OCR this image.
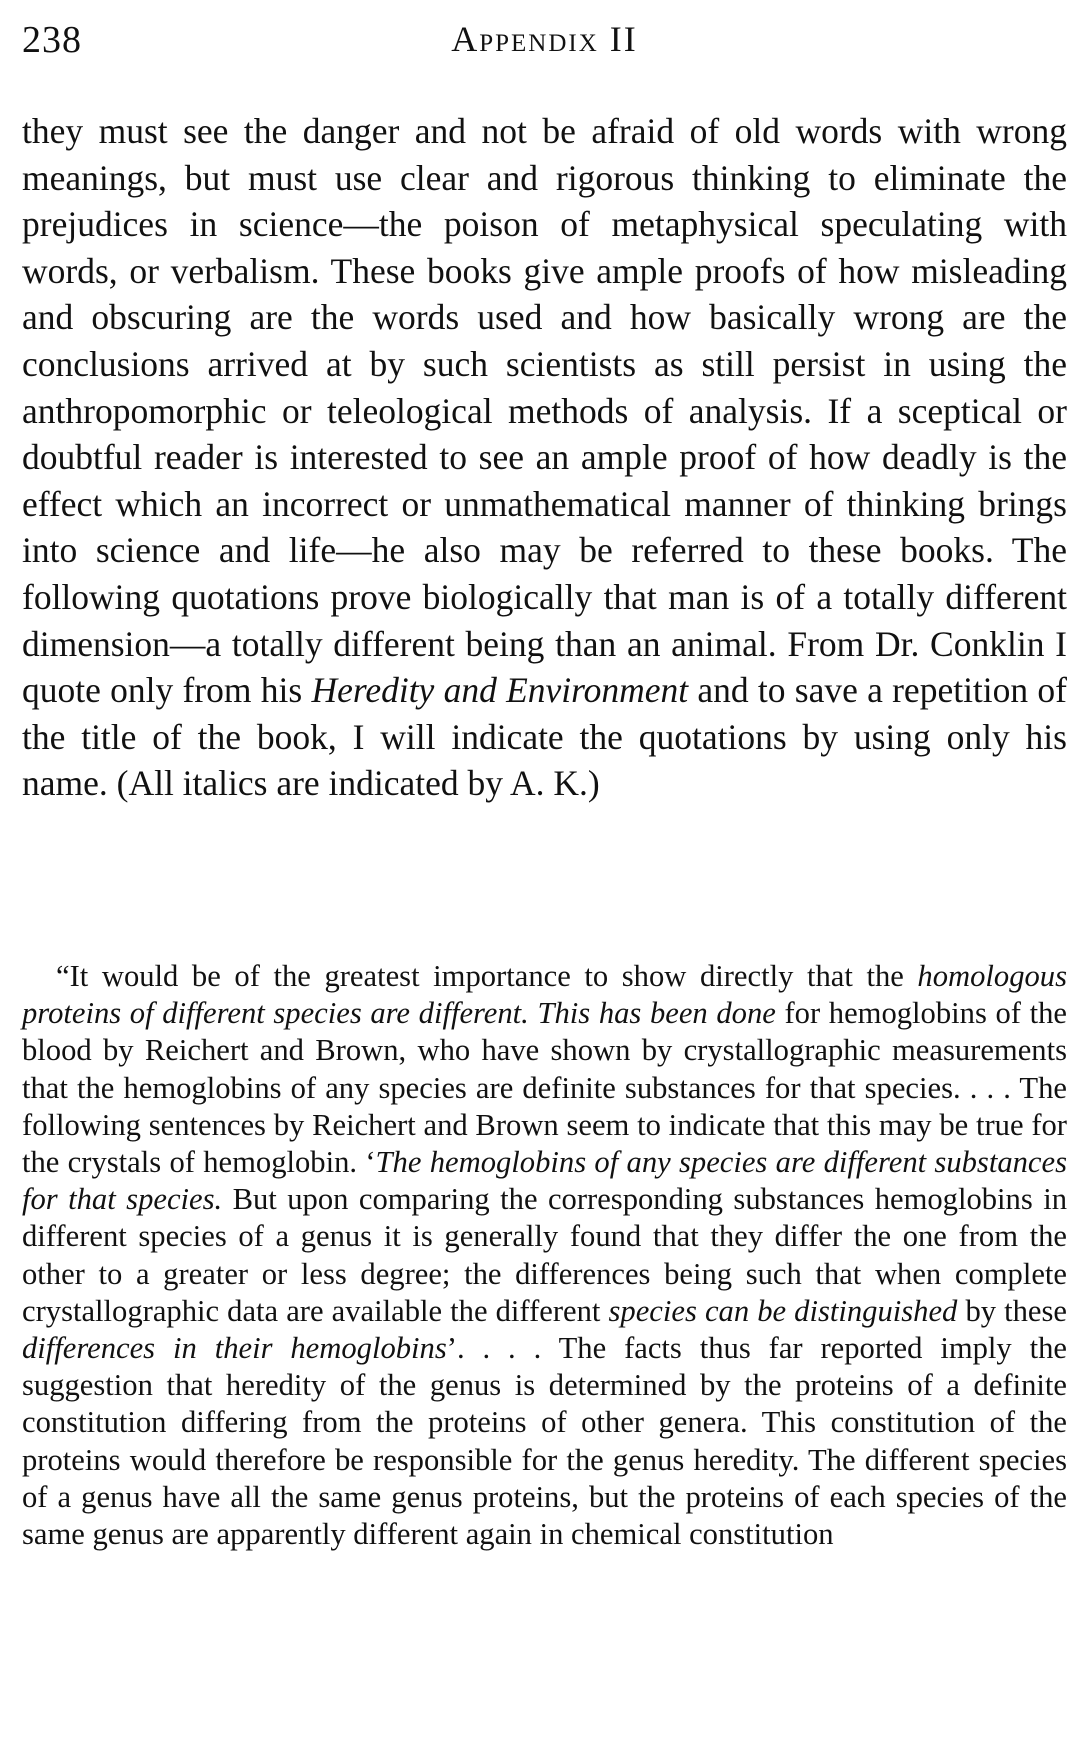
238	Appendix II

they must see the danger and not be afraid of old words with wrong meanings, but must use clear and rigorous thinking to eliminate the prejudices in science—the poison of metaphysical speculating with words, or verbalism. These books give ample proofs of how misleading and obscuring are the words used and how basically wrong are the conclusions arrived at by such scientists as still persist in using the anthropomorphic or teleological methods of analysis. If a sceptical or doubtful reader is interested to see an ample proof of how deadly is the effect which an incorrect or unmathematical manner of thinking brings into science and life—he also may be referred to these books. The following quotations prove biologically that man is of a totally different dimension—a totally different being than an animal. From Dr. Conklin I quote only from his Heredity and Environment and to save a repetition of the title of the book, I will indicate the quotations by using only his name. (All italics are indicated by A. K.)

“It would be of the greatest importance to show directly that the homologous proteins of different species are different. This has been done for hemoglobins of the blood by Reichert and Brown, who have shown by crystallographic measurements that the hemoglobins of any species are definite substances for that species. . . . The following sentences by Reichert and Brown seem to indicate that this may be true for the crystals of hemoglobin. ‘The hemoglobins of any species are different substances for that species. But upon comparing the corresponding substances hemoglobins in different species of a genus it is generally found that they differ the one from the other to a greater or less degree; the differences being such that when complete crystallographic data are available the different species can be distinguished by these differences in their hemoglobins’. . . . The facts thus far reported imply the suggestion that heredity of the genus is determined by the proteins of a definite constitution differing from the proteins of other genera. This constitution of the proteins would therefore be responsible for the genus heredity. The different species of a genus have all the same genus proteins, but the proteins of each species of the same genus are apparently different again in chemical constitution
